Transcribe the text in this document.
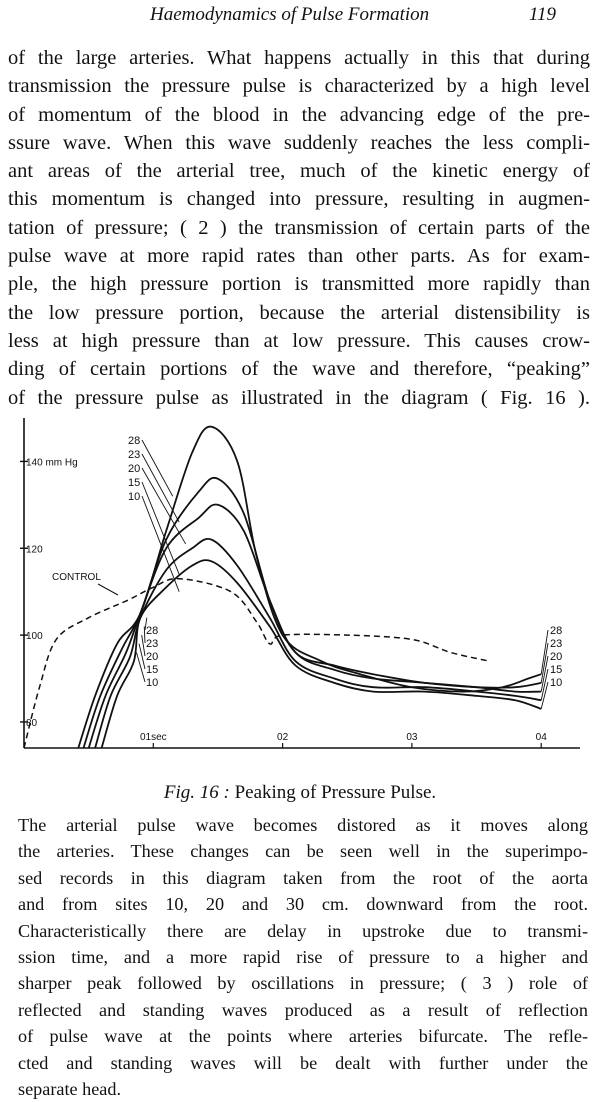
Haemodynamics of Pulse Formation	119
of the large arteries. What happens actually in this that during
transmission the pressure pulse is characterized by a high level
of momentum of the blood in the advancing edge of the pre-
ssure wave. When this wave suddenly reaches the less compli-
ant areas of the arterial tree, much of the kinetic energy of
this momentum is changed into pressure, resulting in augmen-
tation of pressure; ( 2 ) the transmission of certain parts of the
pulse wave at more rapid rates than other parts. As for exam-
ple, the high pressure portion is transmitted more rapidly than
the low pressure portion, because the arterial distensibility is
less at high pressure than at low pressure. This causes crow-
ding of certain portions of the wave and therefore, “peaking”
of the pressure pulse as illustrated in the diagram ( Fig. 16 ).
140 mm Hg
120
100
80
01sec	02	03	04
CONTROL
28
23
20
15
10
28
23
20
15
10
28
23
20
15
10
Fig. 16 : Peaking of Pressure Pulse.
The arterial pulse wave becomes distored as it moves along
the arteries. These changes can be seen well in the superimpo-
sed records in this diagram taken from the root of the aorta
and from sites 10, 20 and 30 cm. downward from the root.
Characteristically there are delay in upstroke due to transmi-
ssion time, and a more rapid rise of pressure to a higher and
sharper peak followed by oscillations in pressure; ( 3 ) role of
reflected and standing waves produced as a result of reflection
of pulse wave at the points where arteries bifurcate. The refle-
cted and standing waves will be dealt with further under the
separate head.
